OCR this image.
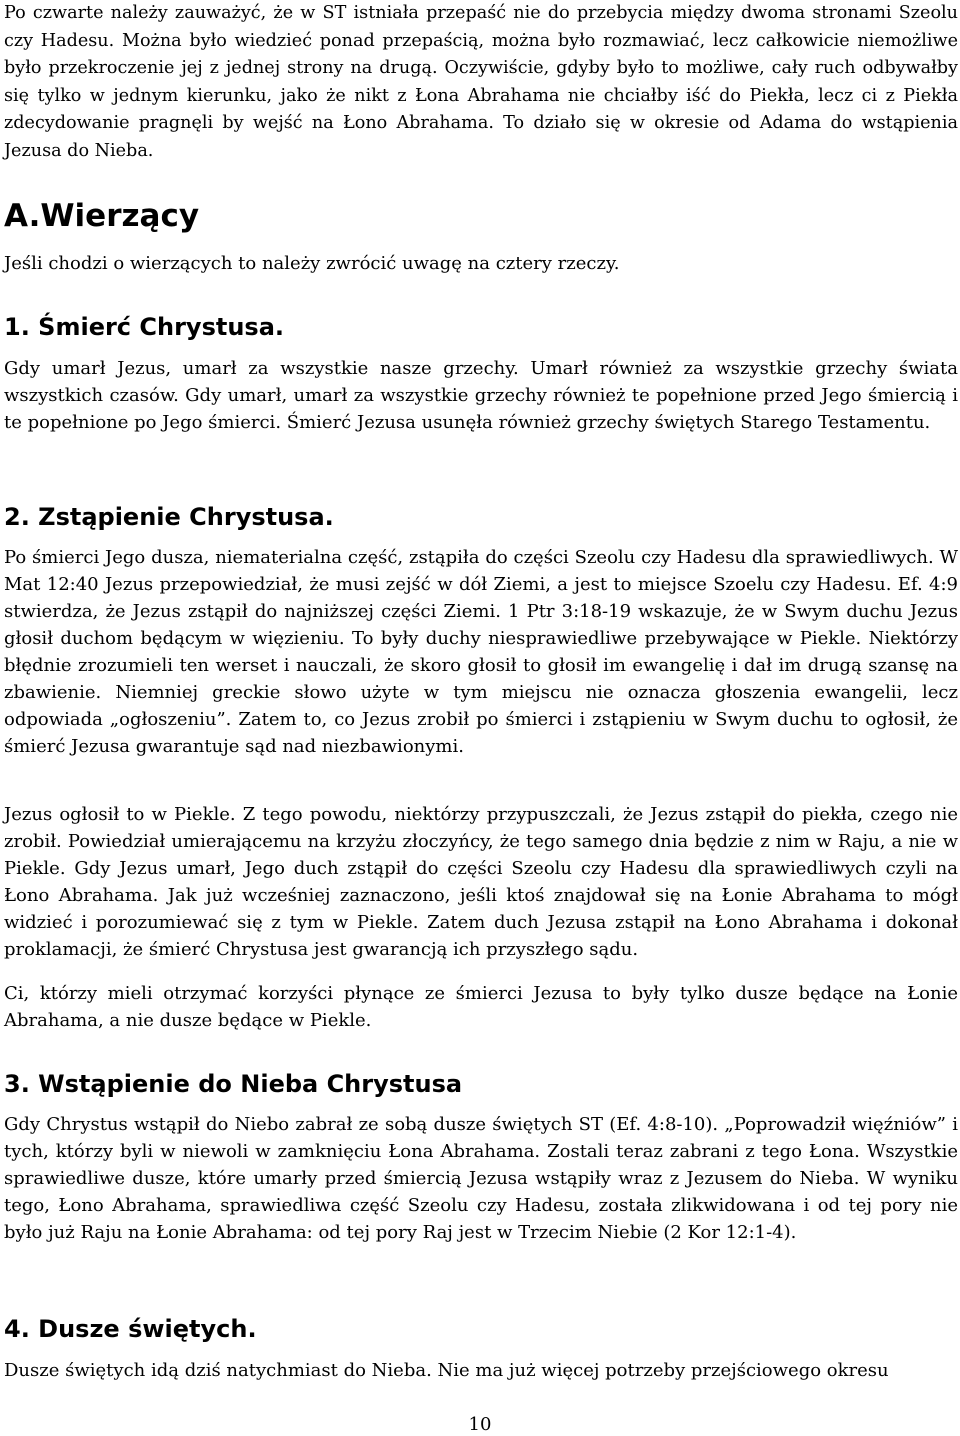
Po czwarte należy zauważyć, że w ST istniała przepaść nie do przebycia między dwoma stronami Szeolu czy Hadesu. Można było wiedzieć ponad przepaścią, można było rozmawiać, lecz całkowicie niemożliwe było przekroczenie jej z jednej strony na drugą. Oczywiście, gdyby było to możliwe, cały ruch odbywałby się tylko w jednym kierunku, jako że nikt z Łona Abrahama nie chciałby iść do Piekła, lecz ci z Piekła zdecydowanie pragnęli by wejść na Łono Abrahama. To działo się w okresie od Adama do wstąpienia Jezusa do Nieba.

A.Wierzący

Jeśli chodzi o wierzących to należy zwrócić uwagę na cztery rzeczy.

1. Śmierć Chrystusa.

Gdy umarł Jezus, umarł za wszystkie nasze grzechy. Umarł również za wszystkie grzechy świata wszystkich czasów. Gdy umarł, umarł za wszystkie grzechy również te popełnione przed Jego śmiercią i te popełnione po Jego śmierci. Śmierć Jezusa usunęła również grzechy świętych Starego Testamentu.

2. Zstąpienie Chrystusa.

Po śmierci Jego dusza, niematerialna część, zstąpiła do części Szeolu czy Hadesu dla sprawiedliwych. W Mat 12:40 Jezus przepowiedział, że musi zejść w dół Ziemi, a jest to miejsce Szoelu czy Hadesu. Ef. 4:9 stwierdza, że Jezus zstąpił do najniższej części Ziemi. 1 Ptr 3:18-19 wskazuje, że w Swym duchu Jezus głosił duchom będącym w więzieniu. To były duchy niesprawiedliwe przebywające w Piekle. Niektórzy błędnie zrozumieli ten werset i nauczali, że skoro głosił to głosił im ewangelię i dał im drugą szansę na zbawienie. Niemniej greckie słowo użyte w tym miejscu nie oznacza głoszenia ewangelii, lecz odpowiada „ogłoszeniu”. Zatem to, co Jezus zrobił po śmierci i zstąpieniu w Swym duchu to ogłosił, że śmierć Jezusa gwarantuje sąd nad niezbawionymi.

Jezus ogłosił to w Piekle. Z tego powodu, niektórzy przypuszczali, że Jezus zstąpił do piekła, czego nie zrobił. Powiedział umierającemu na krzyżu złoczyńcy, że tego samego dnia będzie z nim w Raju, a nie w Piekle. Gdy Jezus umarł, Jego duch zstąpił do części Szeolu czy Hadesu dla sprawiedliwych czyli na Łono Abrahama. Jak już wcześniej zaznaczono, jeśli ktoś znajdował się na Łonie Abrahama to mógł widzieć i porozumiewać się z tym w Piekle. Zatem duch Jezusa zstąpił na Łono Abrahama i dokonał proklamacji, że śmierć Chrystusa jest gwarancją ich przyszłego sądu.

Ci, którzy mieli otrzymać korzyści płynące ze śmierci Jezusa to były tylko dusze będące na Łonie Abrahama, a nie dusze będące w Piekle.

3. Wstąpienie do Nieba Chrystusa

Gdy Chrystus wstąpił do Niebo zabrał ze sobą dusze świętych ST (Ef. 4:8-10). „Poprowadził więźniów” i tych, którzy byli w niewoli w zamknięciu Łona Abrahama. Zostali teraz zabrani z tego Łona. Wszystkie sprawiedliwe dusze, które umarły przed śmiercią Jezusa wstąpiły wraz z Jezusem do Nieba. W wyniku tego, Łono Abrahama, sprawiedliwa część Szeolu czy Hadesu, została zlikwidowana i od tej pory nie było już Raju na Łonie Abrahama: od tej pory Raj jest w Trzecim Niebie (2 Kor 12:1-4).

4. Dusze świętych.

Dusze świętych idą dziś natychmiast do Nieba. Nie ma już więcej potrzeby przejściowego okresu

10
